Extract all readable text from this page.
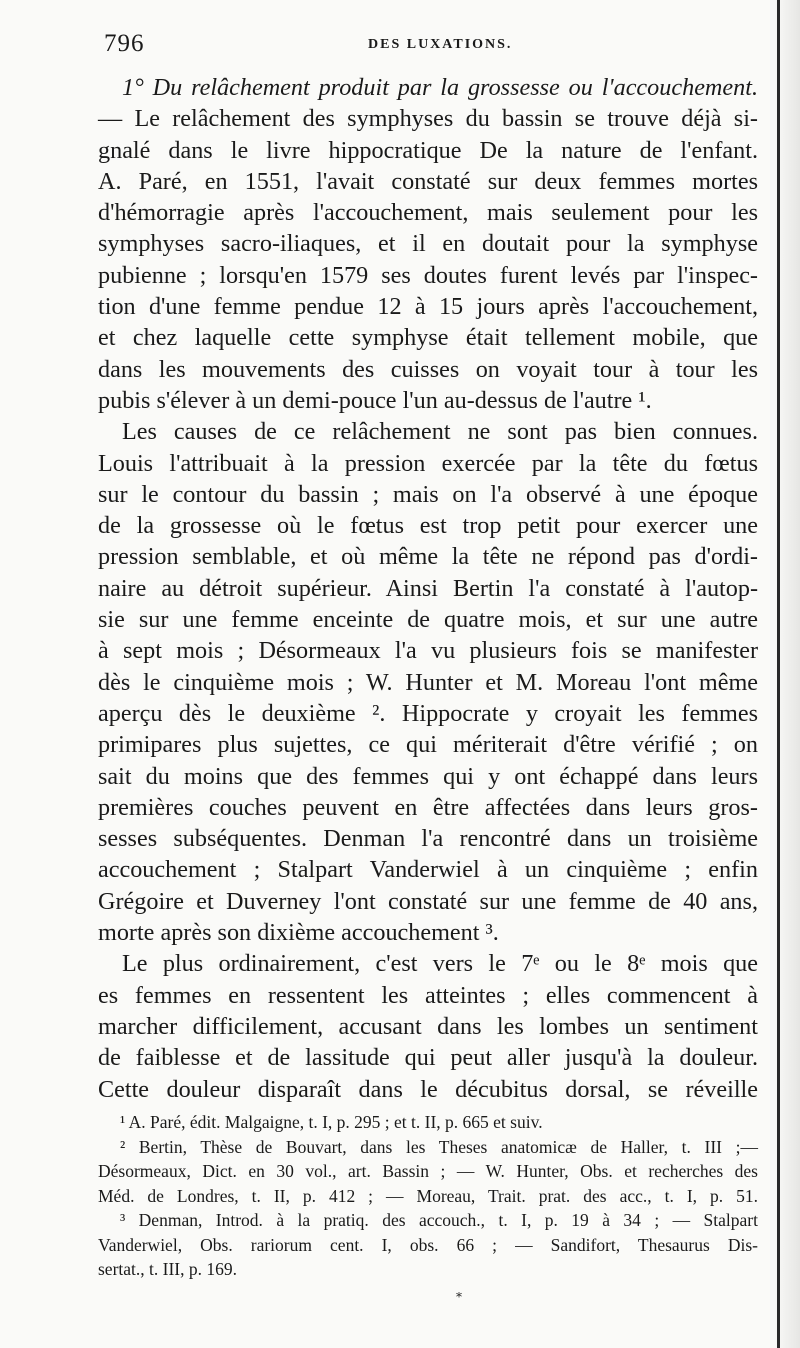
796	DES LUXATIONS.
1° Du relâchement produit par la grossesse ou l'accouchement.
— Le relâchement des symphyses du bassin se trouve déjà si-
gnalé dans le livre hippocratique De la nature de l'enfant.
A. Paré, en 1551, l'avait constaté sur deux femmes mortes
d'hémorragie après l'accouchement, mais seulement pour les
symphyses sacro-iliaques, et il en doutait pour la symphyse
pubienne ; lorsqu'en 1579 ses doutes furent levés par l'inspec-
tion d'une femme pendue 12 à 15 jours après l'accouchement,
et chez laquelle cette symphyse était tellement mobile, que
dans les mouvements des cuisses on voyait tour à tour les
pubis s'élever à un demi-pouce l'un au-dessus de l'autre ¹.
Les causes de ce relâchement ne sont pas bien connues.
Louis l'attribuait à la pression exercée par la tête du fœtus
sur le contour du bassin ; mais on l'a observé à une époque
de la grossesse où le fœtus est trop petit pour exercer une
pression semblable, et où même la tête ne répond pas d'ordi-
naire au détroit supérieur. Ainsi Bertin l'a constaté à l'autop-
sie sur une femme enceinte de quatre mois, et sur une autre
à sept mois ; Désormeaux l'a vu plusieurs fois se manifester
dès le cinquième mois ; W. Hunter et M. Moreau l'ont même
aperçu dès le deuxième ². Hippocrate y croyait les femmes
primipares plus sujettes, ce qui mériterait d'être vérifié ; on
sait du moins que des femmes qui y ont échappé dans leurs
premières couches peuvent en être affectées dans leurs gros-
sesses subséquentes. Denman l'a rencontré dans un troisième
accouchement ; Stalpart Vanderwiel à un cinquième ; enfin
Grégoire et Duverney l'ont constaté sur une femme de 40 ans,
morte après son dixième accouchement ³.
Le plus ordinairement, c'est vers le 7ᵉ ou le 8ᵉ mois que
es femmes en ressentent les atteintes ; elles commencent à
marcher difficilement, accusant dans les lombes un sentiment
de faiblesse et de lassitude qui peut aller jusqu'à la douleur.
Cette douleur disparaît dans le décubitus dorsal, se réveille
¹ A. Paré, édit. Malgaigne, t. I, p. 295 ; et t. II, p. 665 et suiv.
² Bertin, Thèse de Bouvart, dans les Theses anatomicæ de Haller, t. III ;—
Désormeaux, Dict. en 30 vol., art. Bassin ; — W. Hunter, Obs. et recherches des
Méd. de Londres, t. II, p. 412 ; — Moreau, Trait. prat. des acc., t. I, p. 51.
³ Denman, Introd. à la pratiq. des accouch., t. I, p. 19 à 34 ; — Stalpart
Vanderwiel, Obs. rariorum cent. I, obs. 66 ; — Sandifort, Thesaurus Dis-
sertat., t. III, p. 169.
⁎
